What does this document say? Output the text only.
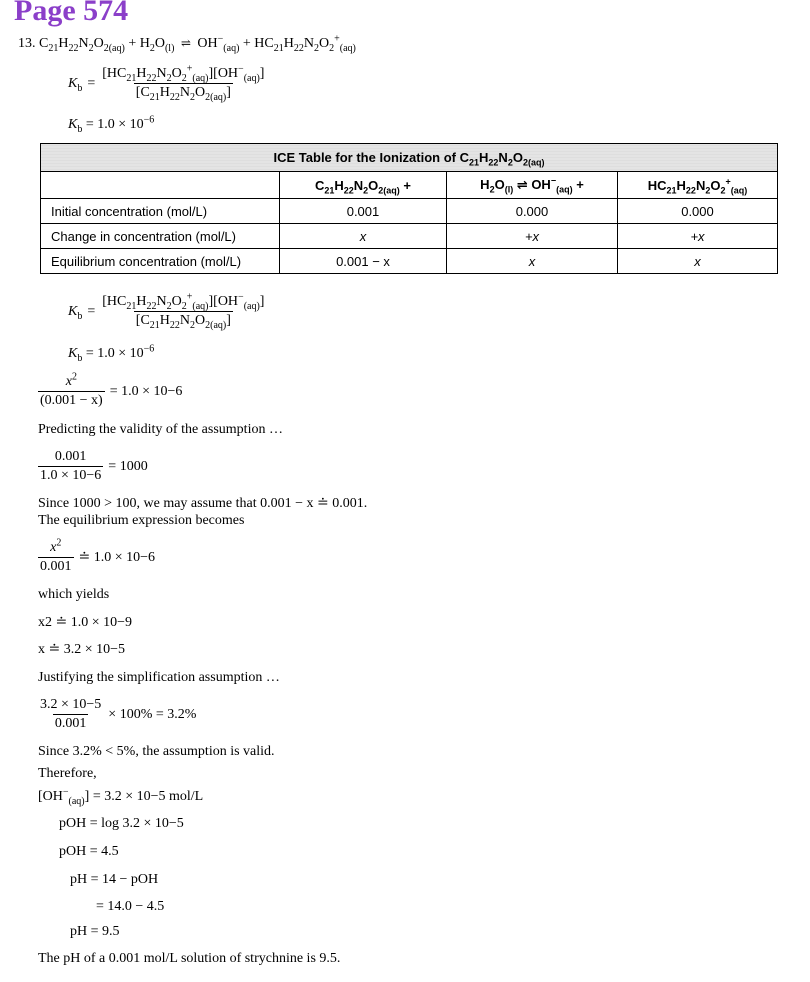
Page 574
13. $C_{21}H_{22}N_2O_{2(aq)} + H_2O_{(l)}$ ⇌ $OH^-_{(aq)} + HC_{21}H_{22}N_2O_2^+_{(aq)}$
$K_b = \frac{[HC_{21}H_{22}N_2O_2^+_{(aq)}][OH^-_{(aq)}]}{[C_{21}H_{22}N_2O_{2(aq)}]}$
$K_b = 1.0 \times 10^{-6}$
ICE Table for the Ionization of $C_{21}H_{22}N_2O_{2(aq)}$
	$C_{21}H_{22}N_2O_{2(aq)}$ +	$H_2O_{(l)}$ ⇌ $OH^-_{(aq)}$ +	$HC_{21}H_{22}N_2O_2^+_{(aq)}$
Initial concentration (mol/L)	0.001	0.000	0.000
Change in concentration (mol/L)	x	+x	+x
Equilibrium concentration (mol/L)	0.001 − x	x	x
$K_b = \frac{[HC_{21}H_{22}N_2O_2^+_{(aq)}][OH^-_{(aq)}]}{[C_{21}H_{22}N_2O_{2(aq)}]}$
$K_b = 1.0 \times 10^{-6}$
$\frac{x^2}{(0.001 - x)} = 1.0 \times 10-6$
Predicting the validity of the assumption …
$\frac{0.001}{1.0 \times 10-6} = 1000$
Since 1000 > 100, we may assume that 0.001 − x ≐ 0.001.
The equilibrium expression becomes
$\frac{x^2}{0.001}$ ≐ 1.0 × 10−6
which yields
x2 ≐ 1.0 × 10−9
x ≐ 3.2 × 10−5
Justifying the simplification assumption …
$\frac{3.2 \times 10-5}{0.001} \times 100\% = 3.2\%$
Since 3.2% < 5%, the assumption is valid.
Therefore,
$[OH^-_{(aq)}] = 3.2 \times 10-5$ mol/L
pOH = log 3.2 × 10−5
pOH = 4.5
pH = 14 − pOH
= 14.0 − 4.5
pH = 9.5
The pH of a 0.001 mol/L solution of strychnine is 9.5.
